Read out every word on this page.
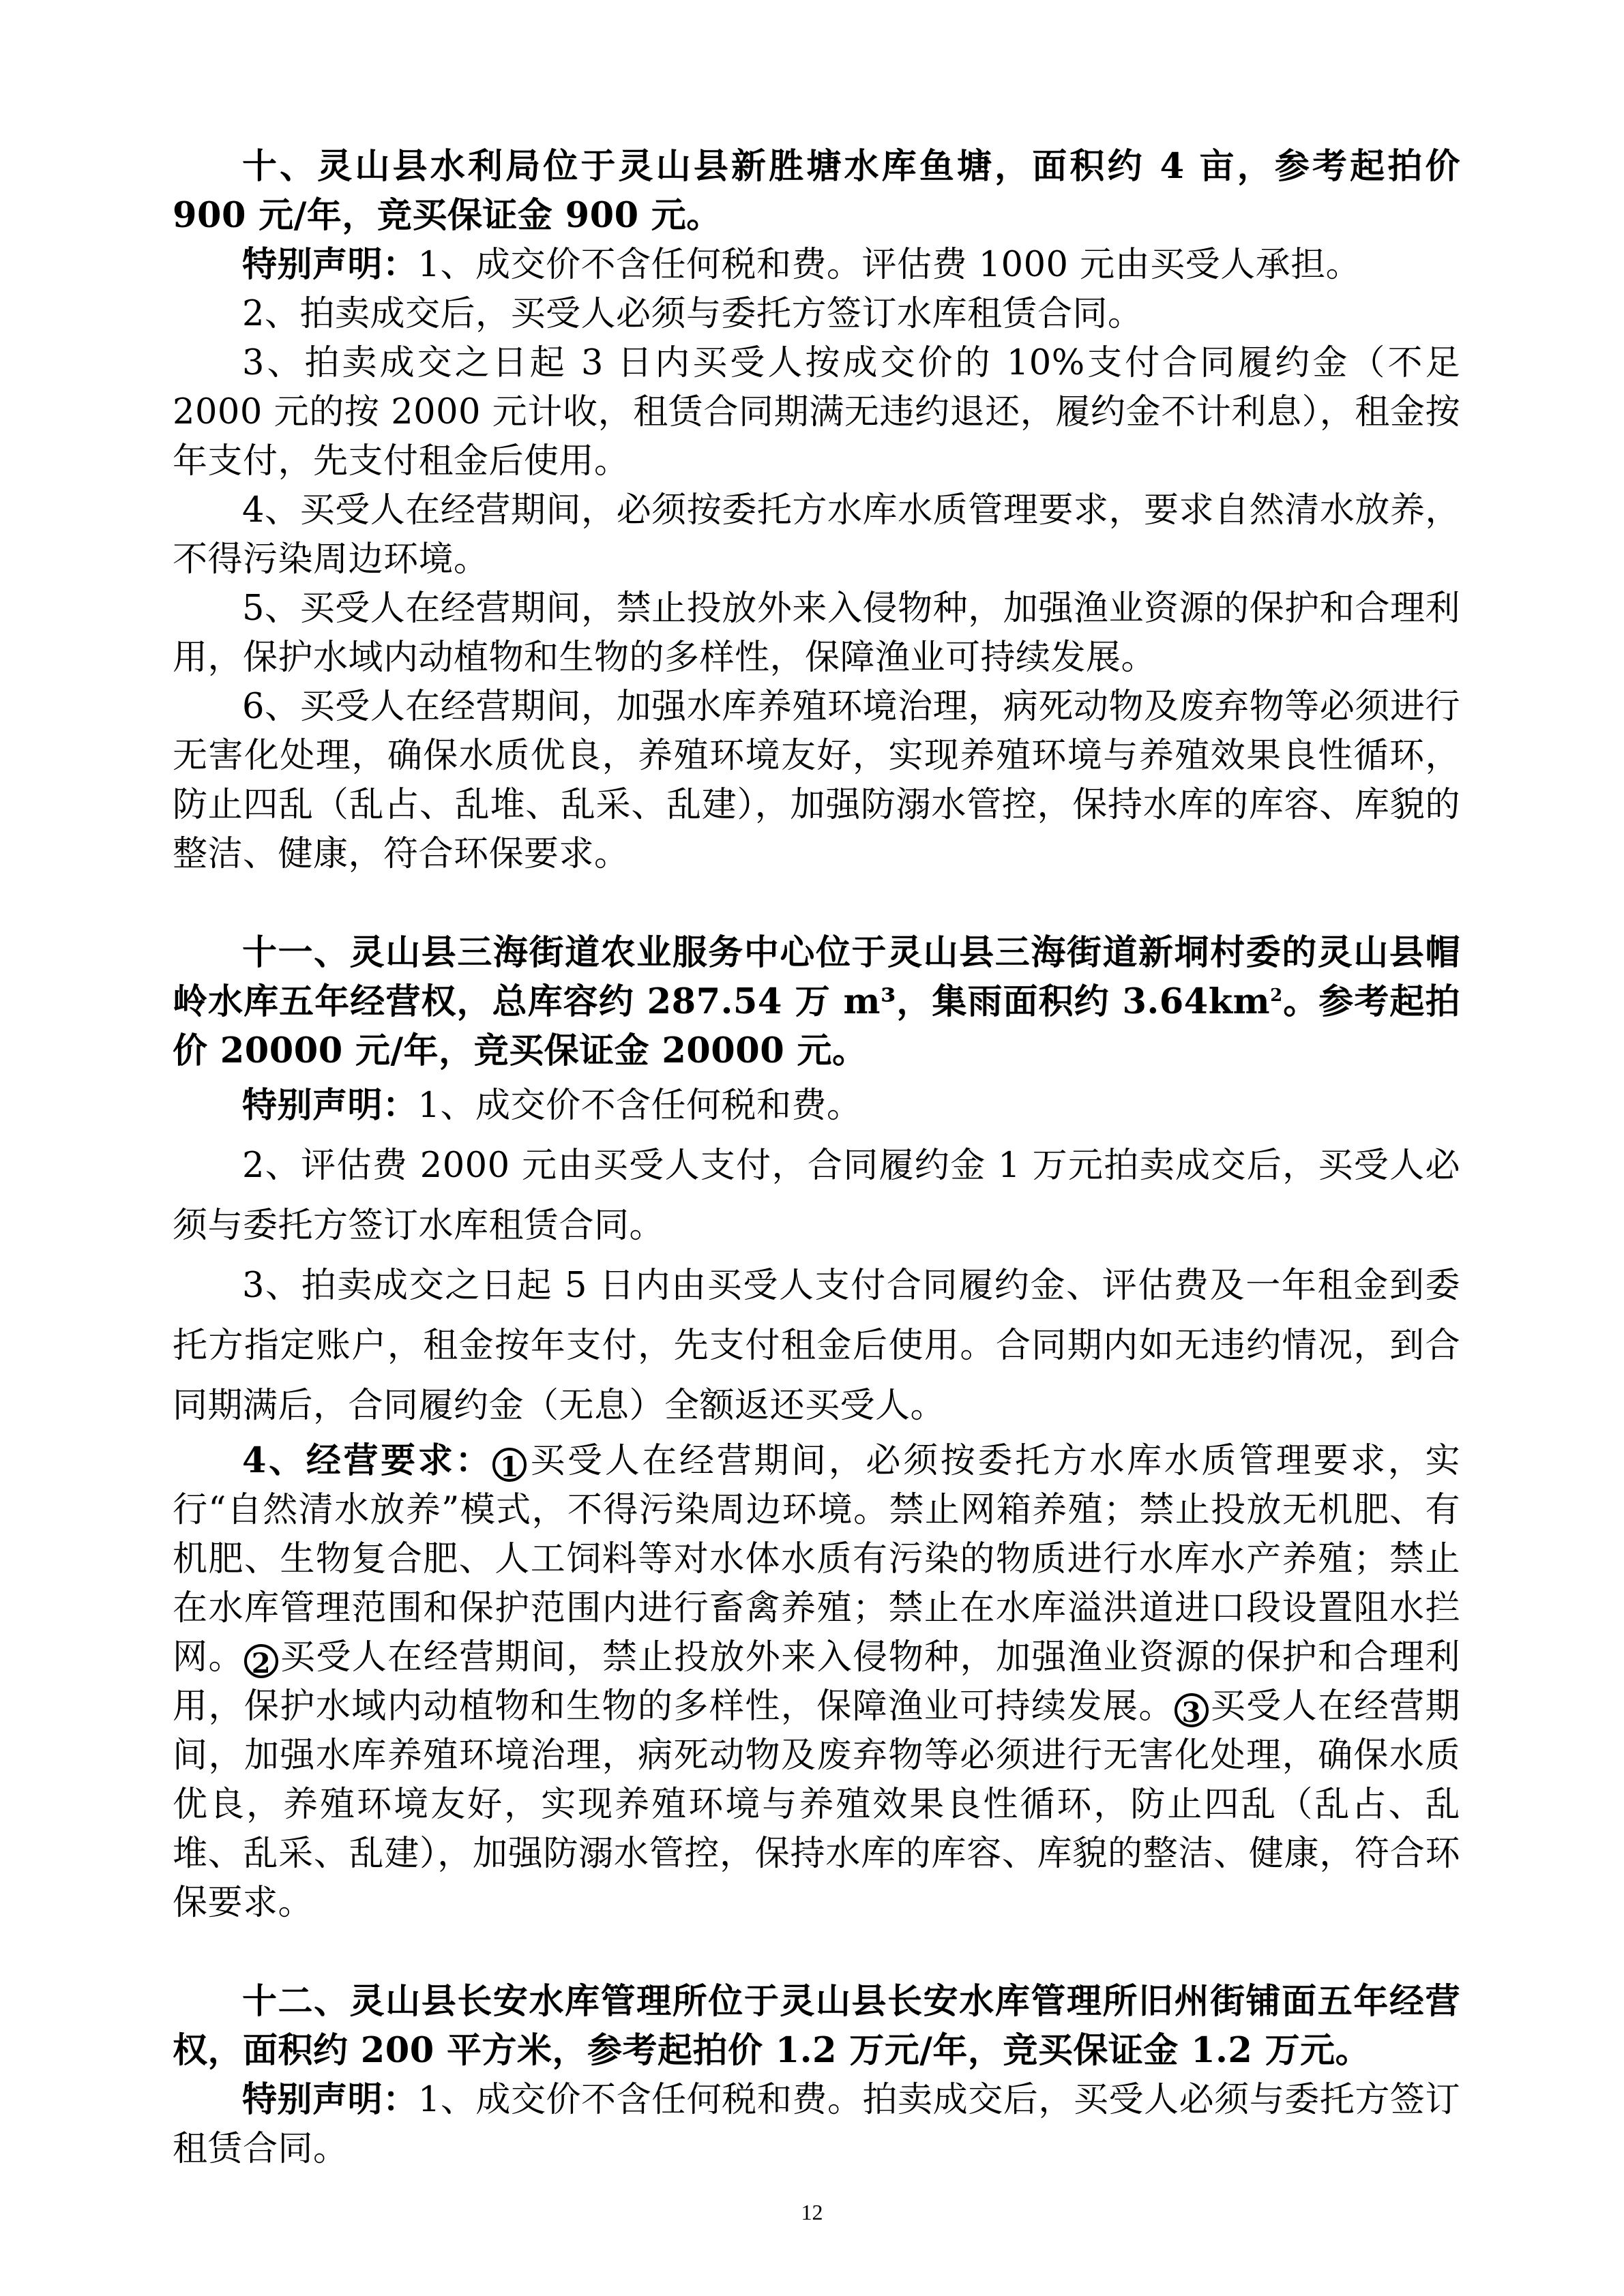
十、灵山县水利局位于灵山县新胜塘水库鱼塘，面积约 4 亩，参考起拍价 900 元/年，竞买保证金 900 元。

特别声明：1、成交价不含任何税和费。评估费 1000 元由买受人承担。

2、拍卖成交后，买受人必须与委托方签订水库租赁合同。

3、拍卖成交之日起 3 日内买受人按成交价的 10%支付合同履约金（不足 2000 元的按 2000 元计收，租赁合同期满无违约退还，履约金不计利息），租金按年支付，先支付租金后使用。

4、买受人在经营期间，必须按委托方水库水质管理要求，要求自然清水放养，不得污染周边环境。

5、买受人在经营期间，禁止投放外来入侵物种，加强渔业资源的保护和合理利用，保护水域内动植物和生物的多样性，保障渔业可持续发展。

6、买受人在经营期间，加强水库养殖环境治理，病死动物及废弃物等必须进行无害化处理，确保水质优良，养殖环境友好，实现养殖环境与养殖效果良性循环，防止四乱（乱占、乱堆、乱采、乱建），加强防溺水管控，保持水库的库容、库貌的整洁、健康，符合环保要求。

十一、灵山县三海街道农业服务中心位于灵山县三海街道新垌村委的灵山县帽岭水库五年经营权，总库容约 287.54 万 m³，集雨面积约 $3.64km^2$。参考起拍价 20000 元/年，竞买保证金 20000 元。

特别声明：1、成交价不含任何税和费。

2、评估费 2000 元由买受人支付，合同履约金 1 万元拍卖成交后，买受人必须与委托方签订水库租赁合同。

3、拍卖成交之日起 5 日内由买受人支付合同履约金、评估费及一年租金到委托方指定账户，租金按年支付，先支付租金后使用。合同期内如无违约情况，到合同期满后，合同履约金（无息）全额返还买受人。

4、经营要求： 1 买受人在经营期间，必须按委托方水库水质管理要求，实行“自然清水放养”模式，不得污染周边环境。禁止网箱养殖；禁止投放无机肥、有机肥、生物复合肥、人工饲料等对水体水质有污染的物质进行水库水产养殖；禁止在水库管理范围和保护范围内进行畜禽养殖；禁止在水库溢洪道进口段设置阻水拦网。 2 买受人在经营期间，禁止投放外来入侵物种，加强渔业资源的保护和合理利用，保护水域内动植物和生物的多样性，保障渔业可持续发展。 3 买受人在经营期间，加强水库养殖环境治理，病死动物及废弃物等必须进行无害化处理，确保水质优良，养殖环境友好，实现养殖环境与养殖效果良性循环，防止四乱（乱占、乱堆、乱采、乱建），加强防溺水管控，保持水库的库容、库貌的整洁、健康，符合环保要求。

十二、灵山县长安水库管理所位于灵山县长安水库管理所旧州街铺面五年经营权，面积约 200 平方米，参考起拍价 1.2 万元/年，竞买保证金 1.2 万元。

特别声明：1、成交价不含任何税和费。拍卖成交后，买受人必须与委托方签订租赁合同。

12
